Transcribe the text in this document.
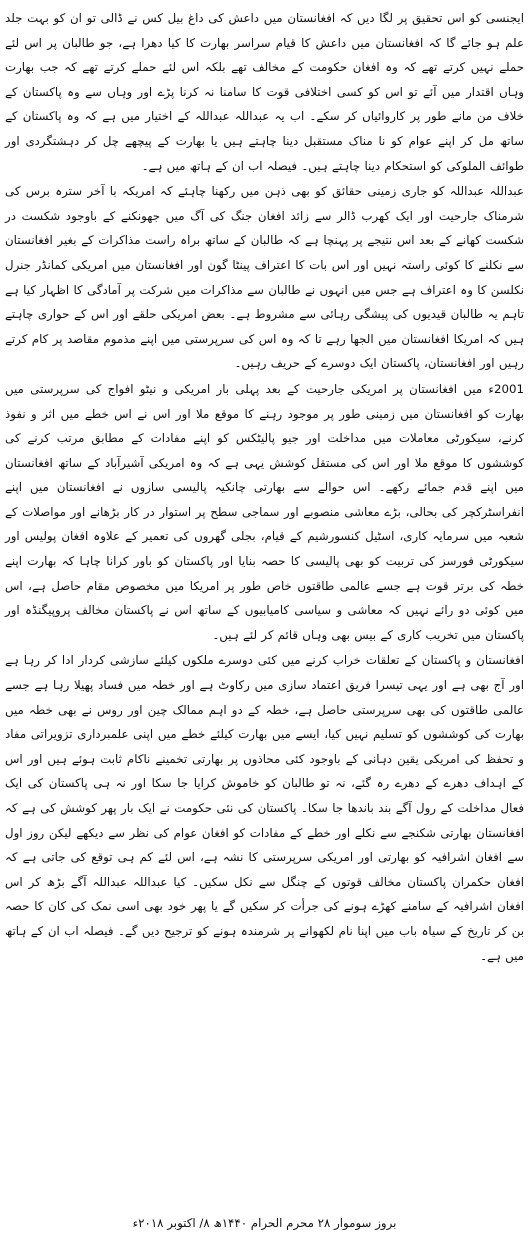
ایجنسی کو اس تحقیق پر لگا دیں کہ افغانستان میں داعش کی داغ بیل کس نے ڈالی تو ان کو بہت جلد علم ہو جائے گا کہ افغانستان میں داعش کا قیام سراسر بھارت کا کیا دھرا ہے، جو طالبان پر اس لئے حملے نہیں کرتے تھے کہ وہ افغان حکومت کے مخالف تھے بلکہ اس لئے حملے کرتے تھے کہ جب بھارت وہاں اقتدار میں آئے تو اس کو کسی اختلافی قوت کا سامنا نہ کرنا پڑے اور وہاں سے وہ پاکستان کے خلاف من مانے طور پر کاروائیاں کر سکے۔ اب یہ عبداللہ عبداللہ کے اختیار میں ہے کہ وہ پاکستان کے ساتھ مل کر اپنے عوام کو نا مناک مستقبل دینا چاہتے ہیں یا بھارت کے پیچھے چل کر دہشتگردی اور طوائف الملوکی کو استحکام دینا چاہتے ہیں۔ فیصلہ اب ان کے ہاتھ میں ہے۔

عبداللہ عبداللہ کو جاری زمینی حقائق کو بھی ذہن میں رکھنا چاہئے کہ امریکہ با آخر سترہ برس کی شرمناک جارحیت اور ایک کھرب ڈالر سے زائد افغان جنگ کی آگ میں جھونکنے کے باوجود شکست در شکست کھانے کے بعد اس نتیجے پر پہنچا ہے کہ طالبان کے ساتھ براہ راست مذاکرات کے بغیر افغانستان سے نکلنے کا کوئی راستہ نہیں اور اس بات کا اعتراف پینٹا گون اور افغانستان میں امریکی کمانڈر جنرل نکلسن کا وہ اعتراف ہے جس میں انہوں نے طالبان سے مذاکرات میں شرکت پر آمادگی کا اظہار کیا ہے تاہم یہ طالبان قیدیوں کی پیشگی رہائی سے مشروط ہے۔ بعض امریکی حلقے اور اس کے حواری چاہتے ہیں کہ امریکا افغانستان میں الجھا رہے تا کہ وہ اس کی سرپرستی میں اپنے مذموم مقاصد پر کام کرتے رہیں اور افغانستان، پاکستان ایک دوسرے کے حریف رہیں۔

2001ء میں افغانستان پر امریکی جارحیت کے بعد پہلی بار امریکی و نیٹو افواج کی سرپرستی میں بھارت کو افغانستان میں زمینی طور پر موجود رہنے کا موقع ملا اور اس نے اس خطے میں اثر و نفوذ کرنے، سیکورٹی معاملات میں مداخلت اور جیو پالیٹکس کو اپنے مفادات کے مطابق مرتب کرنے کی کوششوں کا موقع ملا اور اس کی مستقل کوشش یہی ہے کہ وہ امریکی آشیرآباد کے ساتھ افغانستان میں اپنے قدم جمائے رکھے۔ اس حوالے سے بھارتی چانکیہ پالیسی سازوں نے افغانستان میں اپنے انفراسٹرکچر کی بحالی، بڑے معاشی منصوبے اور سماجی سطح پر استوار در کار بڑھانے اور مواصلات کے شعبہ میں سرمایہ کاری، اسٹیل کنسورشیم کے قیام، بجلی گھروں کی تعمیر کے علاوہ افغان پولیس اور سیکورٹی فورسز کی تربیت کو بھی پالیسی کا حصہ بنایا اور پاکستان کو باور کرانا چاہا کہ بھارت اپنے خطہ کی برتر قوت ہے جسے عالمی طاقتوں خاص طور پر امریکا میں مخصوص مقام حاصل ہے، اس میں کوئی دو رائے نہیں کہ معاشی و سیاسی کامیابیوں کے ساتھ اس نے پاکستان مخالف پروپیگنڈہ اور پاکستان میں تخریب کاری کے بیس بھی وہاں قائم کر لئے ہیں۔

افغانستان و پاکستان کے تعلقات خراب کرنے میں کئی دوسرے ملکوں کیلئے سازشی کردار ادا کر رہا ہے اور آج بھی ہے اور یہی تیسرا فریق اعتماد سازی میں رکاوٹ ہے اور خطہ میں فساد پھیلا رہا ہے جسے عالمی طاقتوں کی بھی سرپرستی حاصل ہے، خطہ کے دو اہم ممالک چین اور روس نے بھی خطہ میں بھارت کی کوششوں کو تسلیم نہیں کیا، ایسے میں بھارت کیلئے خطے میں اپنی علمبرداری تزویراتی مفاد و تحفظ کی امریکی یقین دہانی کے باوجود کئی محاذوں پر بھارتی تخمینے ناکام ثابت ہوئے ہیں اور اس کے اہداف دھرے کے دھرے رہ گئے، نہ تو طالبان کو خاموش کرایا جا سکا اور نہ ہی پاکستان کی ایک فعال مداخلت کے رول آگے بند باندھا جا سکا۔ پاکستان کی نئی حکومت نے ایک بار پھر کوشش کی ہے کہ افغانستان بھارتی شکنجے سے نکلے اور خطے کے مفادات کو افغان عوام کی نظر سے دیکھے لیکن روز اول سے افغان اشرافیہ کو بھارتی اور امریکی سرپرستی کا نشہ ہے، اس لئے کم ہی توقع کی جاتی ہے کہ افغان حکمران پاکستان مخالف قوتوں کے چنگل سے نکل سکیں۔ کیا عبداللہ عبداللہ آگے بڑھ کر اس افغان اشرافیہ کے سامنے کھڑے ہونے کی جرأت کر سکیں گے یا پھر خود بھی اسی نمک کی کان کا حصہ بن کر تاریخ کے سیاہ باب میں اپنا نام لکھوانے پر شرمندہ ہونے کو ترجیح دیں گے۔ فیصلہ اب ان کے ہاتھ میں ہے۔

بروز سوموار ۲۸ محرم الحرام ۱۴۴۰ھ ۸/ اکتوبر ۲۰۱۸ء
